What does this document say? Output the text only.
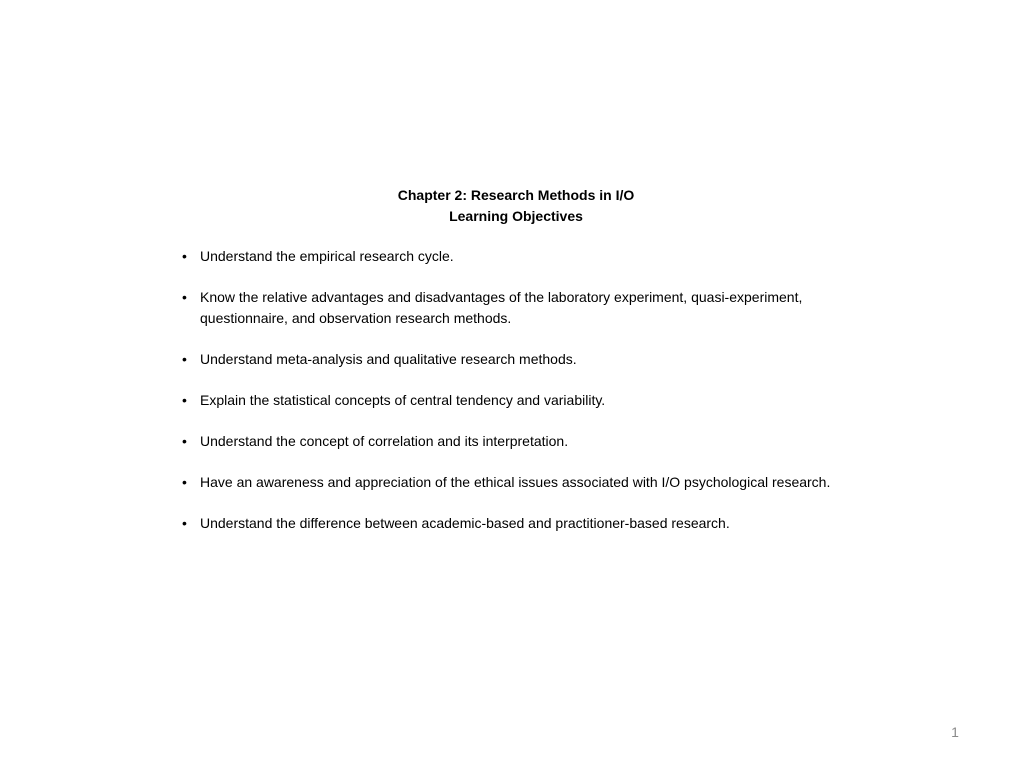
Chapter 2: Research Methods in I/O
Learning Objectives
• Understand the empirical research cycle.
• Know the relative advantages and disadvantages of the laboratory experiment, quasi-experiment, questionnaire, and observation research methods.
• Understand meta-analysis and qualitative research methods.
• Explain the statistical concepts of central tendency and variability.
• Understand the concept of correlation and its interpretation.
• Have an awareness and appreciation of the ethical issues associated with I/O psychological research.
• Understand the difference between academic-based and practitioner-based research.
1
